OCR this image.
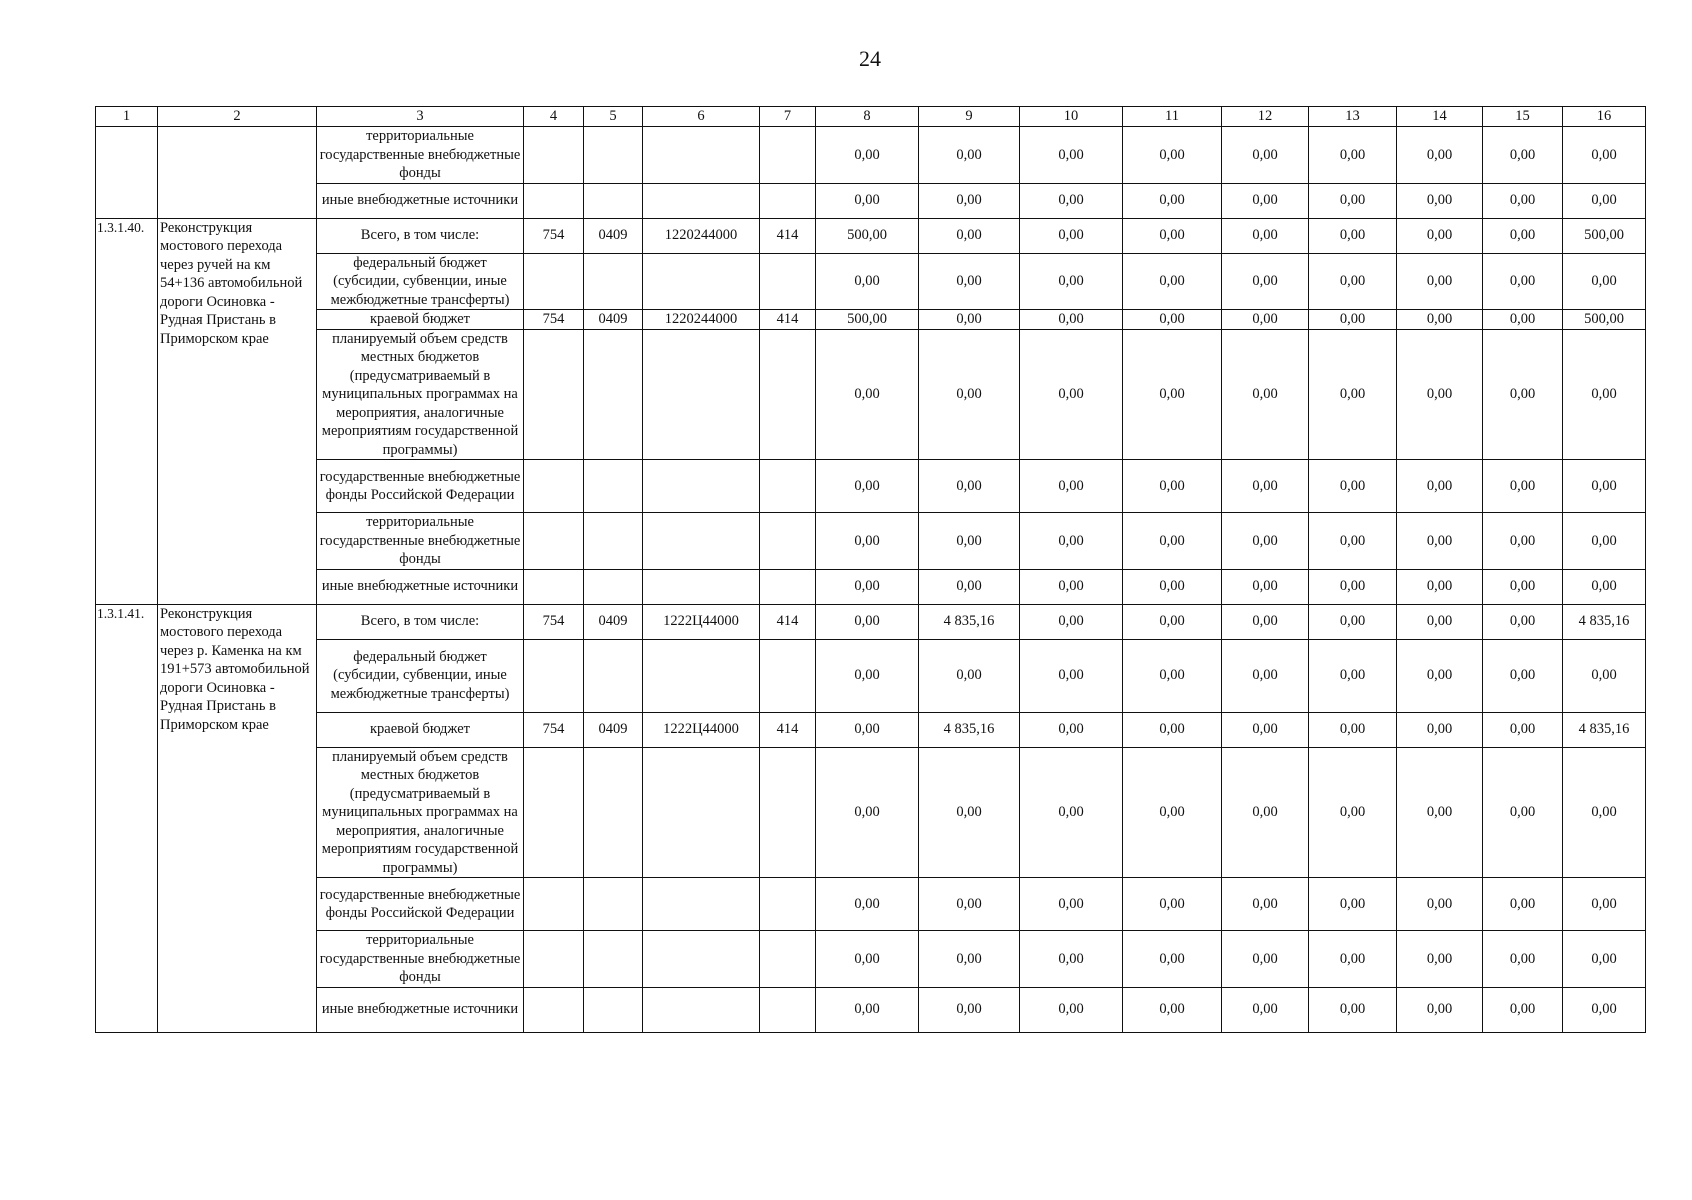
24
1	2	3	4	5	6	7	8	9	10	11	12	13	14	15	16
		территориальные государственные внебюджетные фонды					0,00	0,00	0,00	0,00	0,00	0,00	0,00	0,00	0,00
		иные внебюджетные источники					0,00	0,00	0,00	0,00	0,00	0,00	0,00	0,00	0,00
1.3.1.40.	Реконструкция мостового перехода через ручей на км 54+136 автомобильной дороги Осиновка - Рудная Пристань в Приморском крае	Всего, в том числе:	754	0409	1220244000	414	500,00	0,00	0,00	0,00	0,00	0,00	0,00	0,00	500,00
		федеральный бюджет (субсидии, субвенции, иные межбюджетные трансферты)					0,00	0,00	0,00	0,00	0,00	0,00	0,00	0,00	0,00
		краевой бюджет	754	0409	1220244000	414	500,00	0,00	0,00	0,00	0,00	0,00	0,00	0,00	500,00
		планируемый объем средств местных бюджетов (предусматриваемый в муниципальных программах на мероприятия, аналогичные мероприятиям государственной программы)					0,00	0,00	0,00	0,00	0,00	0,00	0,00	0,00	0,00
		государственные внебюджетные фонды Российской Федерации					0,00	0,00	0,00	0,00	0,00	0,00	0,00	0,00	0,00
		территориальные государственные внебюджетные фонды					0,00	0,00	0,00	0,00	0,00	0,00	0,00	0,00	0,00
		иные внебюджетные источники					0,00	0,00	0,00	0,00	0,00	0,00	0,00	0,00	0,00
1.3.1.41.	Реконструкция мостового перехода через р. Каменка на км 191+573 автомобильной дороги Осиновка - Рудная Пристань в Приморском крае	Всего, в том числе:	754	0409	1222Ц44000	414	0,00	4 835,16	0,00	0,00	0,00	0,00	0,00	0,00	4 835,16
		федеральный бюджет (субсидии, субвенции, иные межбюджетные трансферты)					0,00	0,00	0,00	0,00	0,00	0,00	0,00	0,00	0,00
		краевой бюджет	754	0409	1222Ц44000	414	0,00	4 835,16	0,00	0,00	0,00	0,00	0,00	0,00	4 835,16
		планируемый объем средств местных бюджетов (предусматриваемый в муниципальных программах на мероприятия, аналогичные мероприятиям государственной программы)					0,00	0,00	0,00	0,00	0,00	0,00	0,00	0,00	0,00
		государственные внебюджетные фонды Российской Федерации					0,00	0,00	0,00	0,00	0,00	0,00	0,00	0,00	0,00
		территориальные государственные внебюджетные фонды					0,00	0,00	0,00	0,00	0,00	0,00	0,00	0,00	0,00
		иные внебюджетные источники					0,00	0,00	0,00	0,00	0,00	0,00	0,00	0,00	0,00
